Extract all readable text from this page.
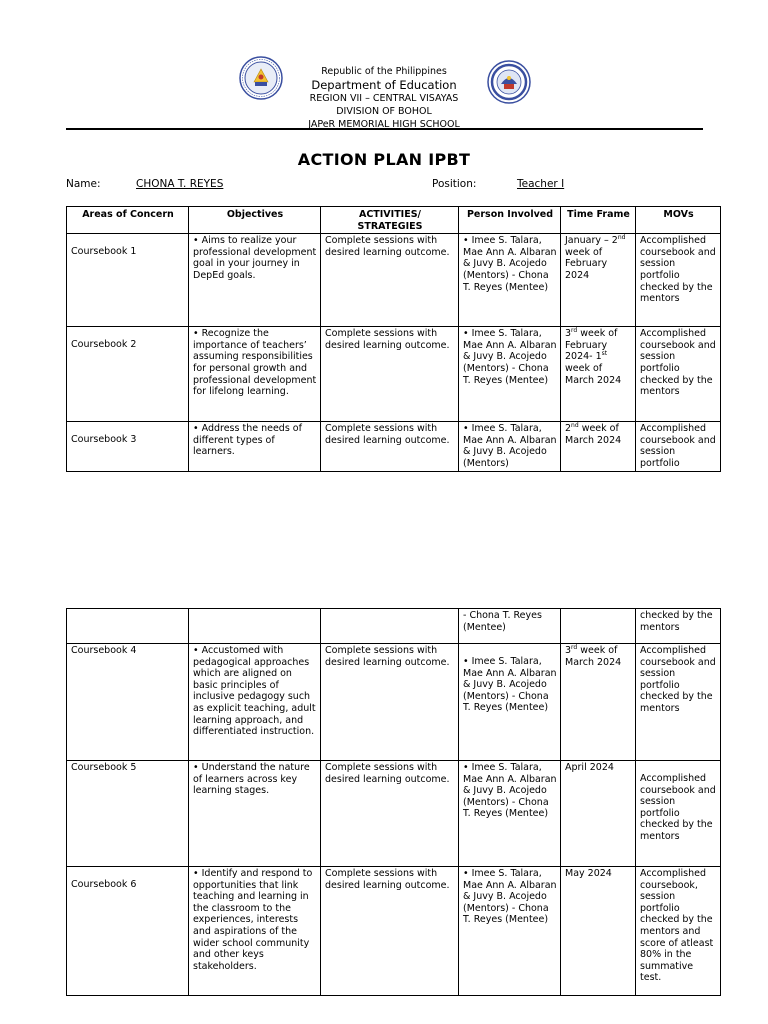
Republic of the Philippines
Department of Education
REGION VII – CENTRAL VISAYAS
DIVISION OF BOHOL
JAPeR MEMORIAL HIGH SCHOOL
ACTION PLAN IPBT
Name:	CHONA T. REYES	Position:	Teacher I
Areas of Concern	Objectives	ACTIVITIES/ STRATEGIES	Person Involved	Time Frame	MOVs
Coursebook 1	• Aims to realize your professional development goal in your journey in DepEd goals.	Complete sessions with desired learning outcome.	• Imee S. Talara, Mae Ann A. Albaran & Juvy B. Acojedo (Mentors) - Chona T. Reyes (Mentee)	January – 2nd week of February 2024	Accomplished coursebook and session portfolio checked by the mentors
Coursebook 2	• Recognize the importance of teachers’ assuming responsibilities for personal growth and professional development for lifelong learning.	Complete sessions with desired learning outcome.	• Imee S. Talara, Mae Ann A. Albaran & Juvy B. Acojedo (Mentors) - Chona T. Reyes (Mentee)	3rd week of February 2024- 1st week of March 2024	Accomplished coursebook and session portfolio checked by the mentors
Coursebook 3	• Address the needs of different types of learners.	Complete sessions with desired learning outcome.	• Imee S. Talara, Mae Ann A. Albaran & Juvy B. Acojedo (Mentors)	2nd week of March 2024	Accomplished coursebook and session portfolio
			- Chona T. Reyes (Mentee)		checked by the mentors
Coursebook 4	• Accustomed with pedagogical approaches which are aligned on basic principles of inclusive pedagogy such as explicit teaching, adult learning approach, and differentiated instruction.	Complete sessions with desired learning outcome.	• Imee S. Talara, Mae Ann A. Albaran & Juvy B. Acojedo (Mentors) - Chona T. Reyes (Mentee)	3rd week of March 2024	Accomplished coursebook and session portfolio checked by the mentors
Coursebook 5	• Understand the nature of learners across key learning stages.	Complete sessions with desired learning outcome.	• Imee S. Talara, Mae Ann A. Albaran & Juvy B. Acojedo (Mentors) - Chona T. Reyes (Mentee)	April 2024	Accomplished coursebook and session portfolio checked by the mentors
Coursebook 6	• Identify and respond to opportunities that link teaching and learning in the classroom to the experiences, interests and aspirations of the wider school community and other keys stakeholders.	Complete sessions with desired learning outcome.	• Imee S. Talara, Mae Ann A. Albaran & Juvy B. Acojedo (Mentors) - Chona T. Reyes (Mentee)	May 2024	Accomplished coursebook, session portfolio checked by the mentors and score of atleast 80% in the summative test.
